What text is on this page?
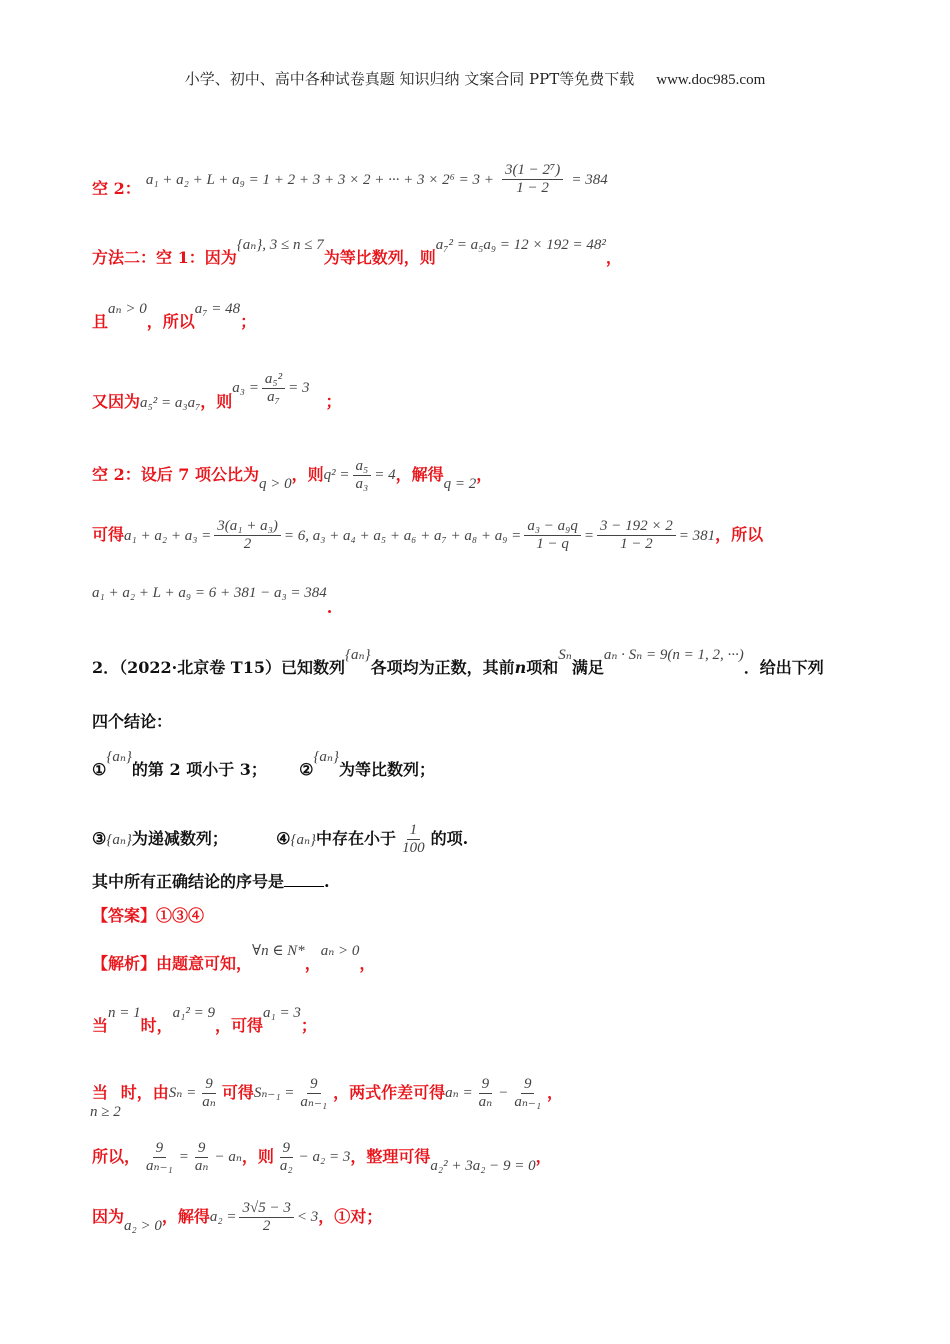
小学、初中、高中各种试卷真题 知识归纳 文案合同 PPT等免费下载 www.doc985.com
空 2： a₁ + a₂ + L + a₉ = 1 + 2 + 3 + 3 × 2 + ··· + $3 \times 2^6 = 3 + \frac{\text{3(1 − 2⁷)}}{1 - 2} = 384$
方法二：空 1：因为{aₙ}, 3 ≤ n ≤ 7为等比数列，则a₇² = a₅a₉ = 12 × 192 = 48²，
且aₙ > 0，所以a₇ = 48；
又因为a₅² = a₃a₇，则$a_3 = \frac{\text{a₅²}}{\text{a₇}} = 3$；
空 2：设后 7 项公比为q > 0，则$q^2 = \frac{\text{a₅}}{\text{a₃}} = 4$，解得q = 2，
可得$a_1 + a_2 + a_3 = \frac{\text{3(a₁ + a₃)}}{2} = 6$, $a_3 + a_4 + a_5 + a_6 + a_7 + a_8 + a_9 = \frac{\text{a₃ − a₉q}}{1 - q} = \frac{3 - 192 \times 2}{1 - 2} = 381$，所以
a₁ + a₂ + L + a₉ = 6 + 381 − a₃ = 384.
2．（2022·北京卷 T15）已知数列{aₙ}各项均为正数，其前n项和Sₙ满足aₙ · Sₙ = 9(n = 1, 2, ···)．给出下列
四个结论：
①{aₙ}的第 2 项小于 3； ②{aₙ}为等比数列；
③{aₙ}为递减数列；	④{aₙ}中存在小于 $\frac{1}{100}$ 的项.
其中所有正确结论的序号是	.
【答案】①③④
【解析】由题意可知，∀n ∈ N*，aₙ > 0，
当n = 1时，a₁² = 9，可得a₁ = 3；
当n ≥ 2时，由$S_n = \frac{9}{\text{aₙ}}$ 可得$S_{n-1} = \frac{9}{\text{aₙ₋₁}}$ ，两式作差可得$a_n = \frac{9}{\text{aₙ}} - \frac{9}{\text{aₙ₋₁}}$ ，
所以， $\frac{9}{\text{aₙ₋₁}} = \frac{9}{\text{aₙ}} - a_n$，则 $\frac{9}{\text{a₂}} - a_2 = 3$，整理可得a₂² + 3a₂ − 9 = 0，
因为a₂ > 0，解得$a_2 = \frac{3√5 - 3}{2} < 3$，①对；
